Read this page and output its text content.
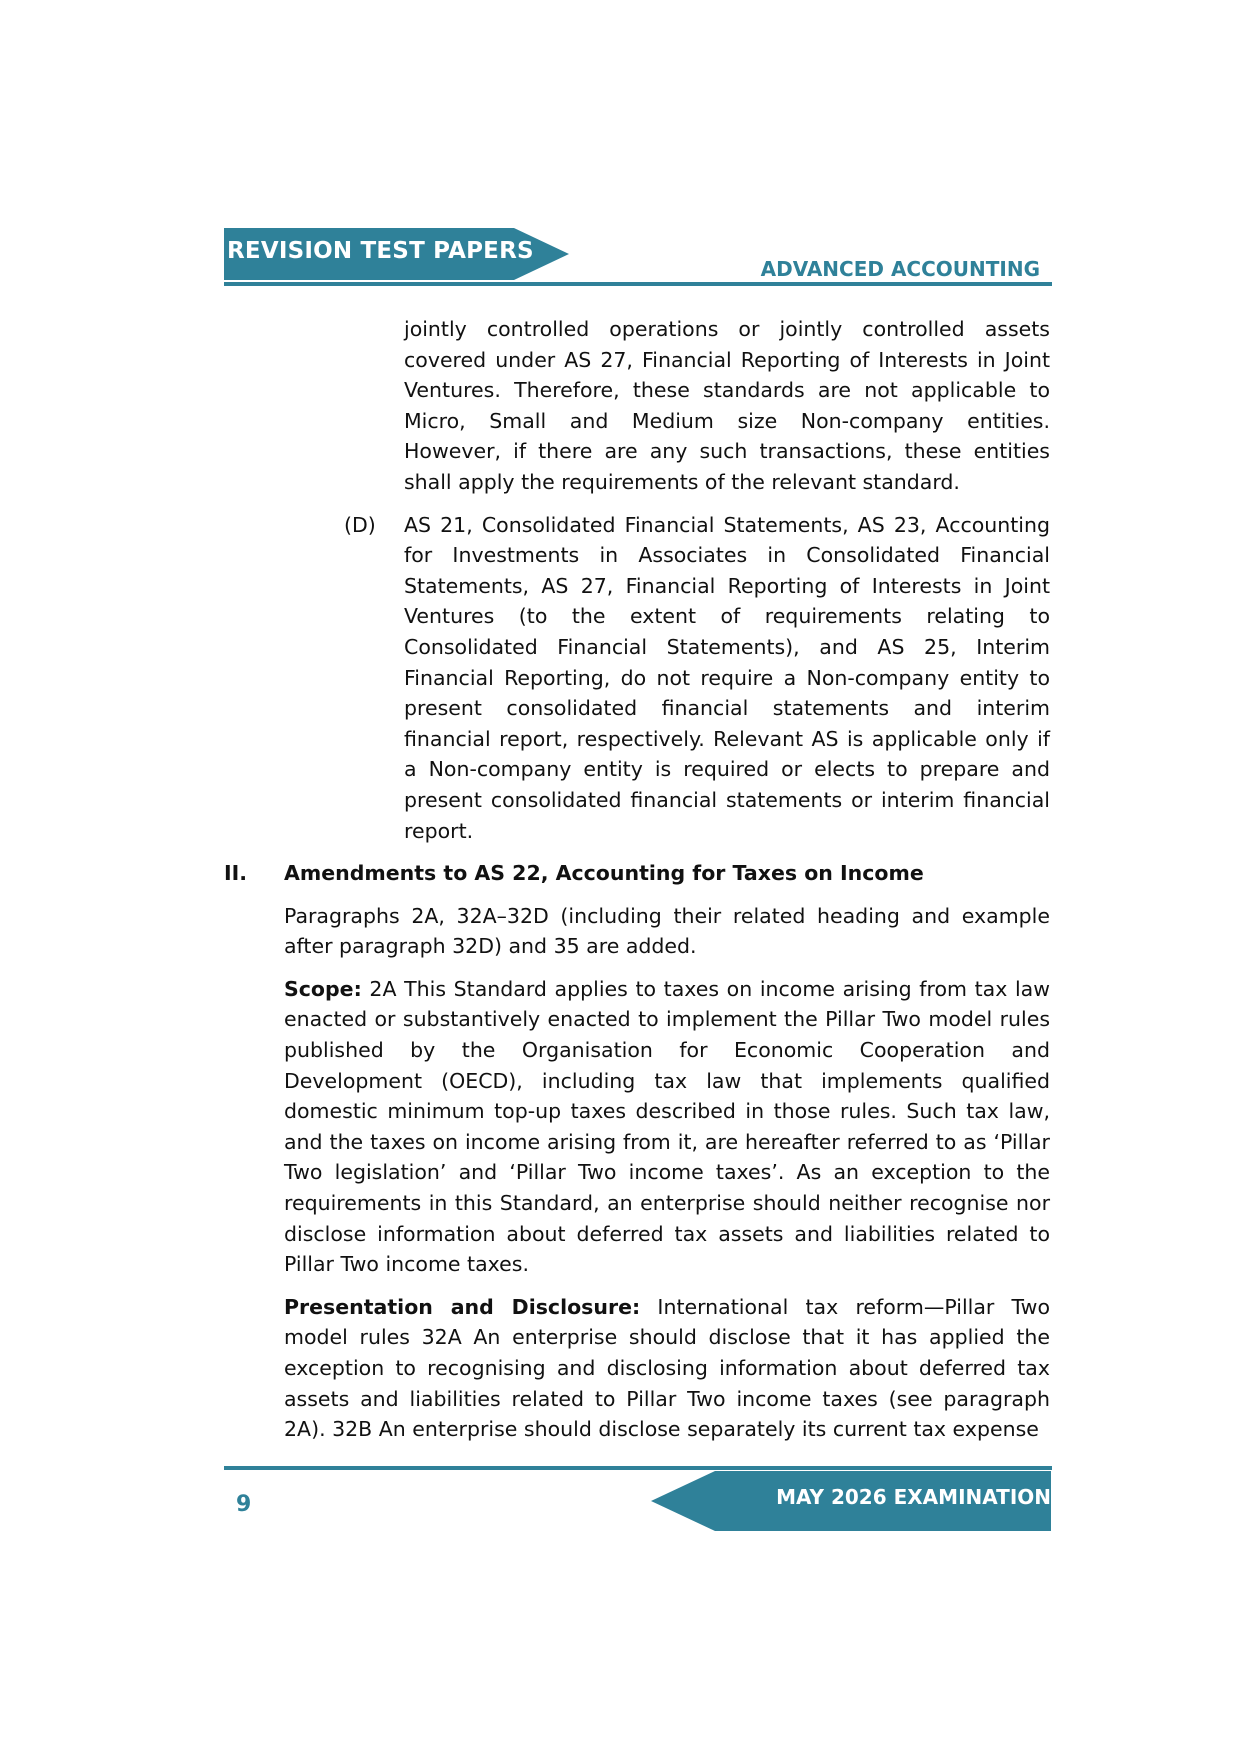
REVISION TEST PAPERS
ADVANCED ACCOUNTING

jointly controlled operations or jointly controlled assets covered under AS 27, Financial Reporting of Interests in Joint Ventures. Therefore, these standards are not applicable to Micro, Small and Medium size Non-company entities. However, if there are any such transactions, these entities shall apply the requirements of the relevant standard.

(D) AS 21, Consolidated Financial Statements, AS 23, Accounting for Investments in Associates in Consolidated Financial Statements, AS 27, Financial Reporting of Interests in Joint Ventures (to the extent of requirements relating to Consolidated Financial Statements), and AS 25, Interim Financial Reporting, do not require a Non-company entity to present consolidated financial statements and interim financial report, respectively. Relevant AS is applicable only if a Non-company entity is required or elects to prepare and present consolidated financial statements or interim financial report.

II. Amendments to AS 22, Accounting for Taxes on Income

Paragraphs 2A, 32A–32D (including their related heading and example after paragraph 32D) and 35 are added.

Scope: 2A This Standard applies to taxes on income arising from tax law enacted or substantively enacted to implement the Pillar Two model rules published by the Organisation for Economic Cooperation and Development (OECD), including tax law that implements qualified domestic minimum top-up taxes described in those rules. Such tax law, and the taxes on income arising from it, are hereafter referred to as ‘Pillar Two legislation’ and ‘Pillar Two income taxes’. As an exception to the requirements in this Standard, an enterprise should neither recognise nor disclose information about deferred tax assets and liabilities related to Pillar Two income taxes.

Presentation and Disclosure: International tax reform—Pillar Two model rules 32A An enterprise should disclose that it has applied the exception to recognising and disclosing information about deferred tax assets and liabilities related to Pillar Two income taxes (see paragraph 2A). 32B An enterprise should disclose separately its current tax expense

MAY 2026 EXAMINATION
9
